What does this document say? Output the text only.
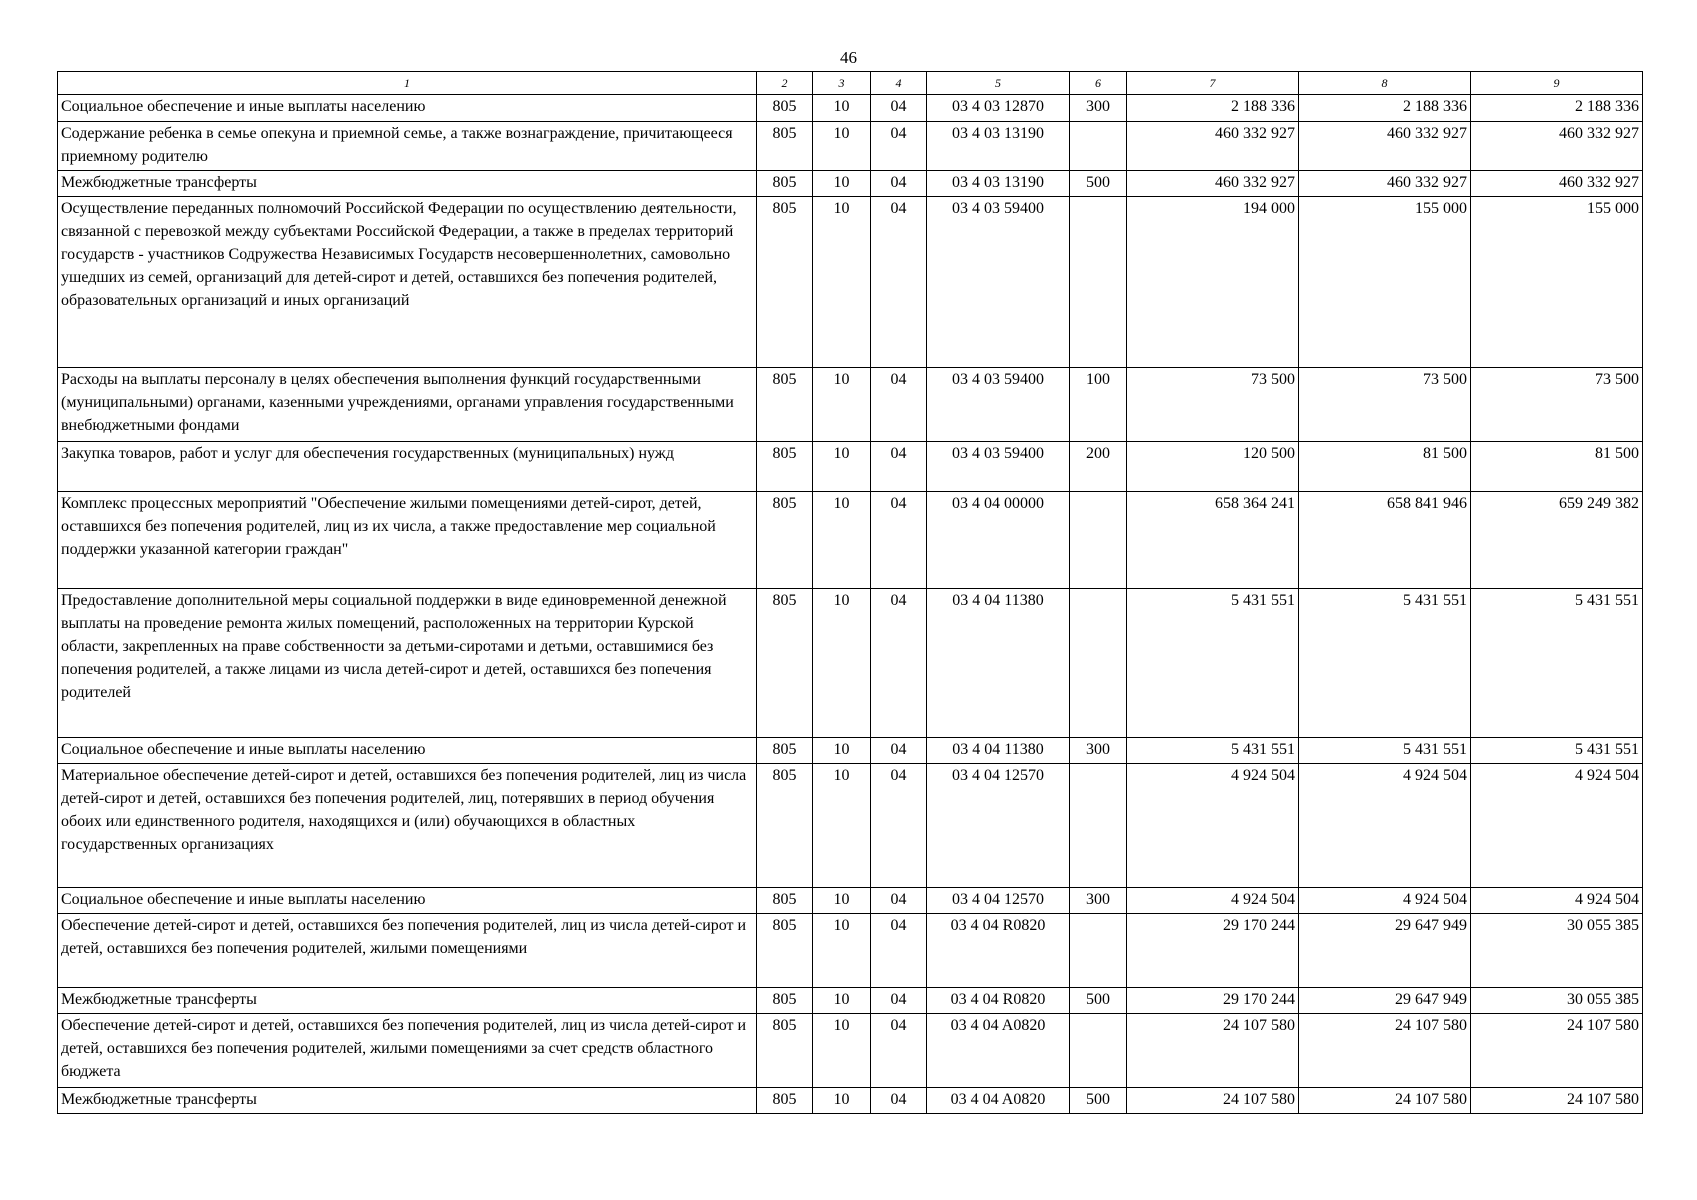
46
1	2	3	4	5	6	7	8	9
Социальное обеспечение и иные выплаты населению	805	10	04	03 4 03 12870	300	2 188 336	2 188 336	2 188 336
Содержание ребенка в семье опекуна и приемной семье, а также вознаграждение, причитающееся приемному родителю	805	10	04	03 4 03 13190		460 332 927	460 332 927	460 332 927
Межбюджетные трансферты	805	10	04	03 4 03 13190	500	460 332 927	460 332 927	460 332 927
Осуществление переданных полномочий Российской Федерации по осуществлению деятельности, связанной с перевозкой между субъектами Российской Федерации, а также в пределах территорий государств - участников Содружества Независимых Государств несовершеннолетних, самовольно ушедших из семей, организаций для детей-сирот и детей, оставшихся без попечения родителей, образовательных организаций и иных организаций	805	10	04	03 4 03 59400		194 000	155 000	155 000
Расходы на выплаты персоналу в целях обеспечения выполнения функций государственными (муниципальными) органами, казенными учреждениями, органами управления государственными внебюджетными фондами	805	10	04	03 4 03 59400	100	73 500	73 500	73 500
Закупка товаров, работ и услуг для обеспечения государственных (муниципальных) нужд	805	10	04	03 4 03 59400	200	120 500	81 500	81 500
Комплекс процессных мероприятий "Обеспечение жилыми помещениями детей-сирот, детей, оставшихся без попечения родителей, лиц из их числа, а также предоставление мер социальной поддержки указанной категории граждан"	805	10	04	03 4 04 00000		658 364 241	658 841 946	659 249 382
Предоставление дополнительной меры социальной поддержки в виде единовременной денежной выплаты на проведение ремонта жилых помещений, расположенных на территории Курской области, закрепленных на праве собственности за детьми-сиротами и детьми, оставшимися без попечения родителей, а также лицами из числа детей-сирот и детей, оставшихся без попечения родителей	805	10	04	03 4 04 11380		5 431 551	5 431 551	5 431 551
Социальное обеспечение и иные выплаты населению	805	10	04	03 4 04 11380	300	5 431 551	5 431 551	5 431 551
Материальное обеспечение детей-сирот и детей, оставшихся без попечения родителей, лиц из числа детей-сирот и детей, оставшихся без попечения родителей, лиц, потерявших в период обучения обоих или единственного родителя, находящихся и (или) обучающихся в областных государственных организациях	805	10	04	03 4 04 12570		4 924 504	4 924 504	4 924 504
Социальное обеспечение и иные выплаты населению	805	10	04	03 4 04 12570	300	4 924 504	4 924 504	4 924 504
Обеспечение детей-сирот и детей, оставшихся без попечения родителей, лиц из числа детей-сирот и детей, оставшихся без попечения родителей, жилыми помещениями	805	10	04	03 4 04 R0820		29 170 244	29 647 949	30 055 385
Межбюджетные трансферты	805	10	04	03 4 04 R0820	500	29 170 244	29 647 949	30 055 385
Обеспечение детей-сирот и детей, оставшихся без попечения родителей, лиц из числа детей-сирот и детей, оставшихся без попечения родителей, жилыми помещениями за счет средств областного бюджета	805	10	04	03 4 04 A0820		24 107 580	24 107 580	24 107 580
Межбюджетные трансферты	805	10	04	03 4 04 A0820	500	24 107 580	24 107 580	24 107 580
